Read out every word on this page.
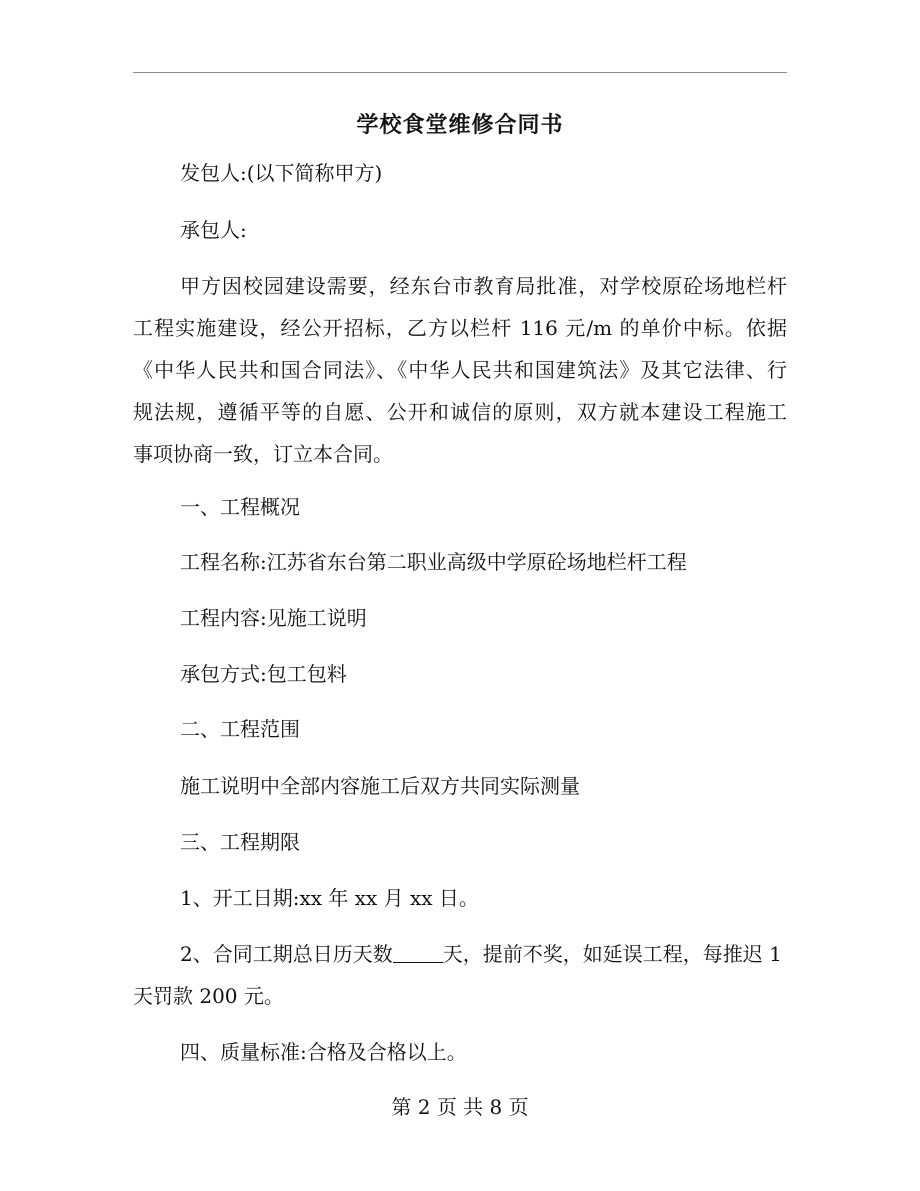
学校食堂维修合同书
发包人:(以下简称甲方)
承包人:
甲方因校园建设需要，经东台市教育局批准，对学校原砼场地栏杆
工程实施建设，经公开招标，乙方以栏杆 116 元/m 的单价中标。依据
《中华人民共和国合同法》、《中华人民共和国建筑法》及其它法律、行
规法规，遵循平等的自愿、公开和诚信的原则，双方就本建设工程施工
事项协商一致，订立本合同。
一、工程概况
工程名称:江苏省东台第二职业高级中学原砼场地栏杆工程
工程内容:见施工说明
承包方式:包工包料
二、工程范围
施工说明中全部内容施工后双方共同实际测量
三、工程期限
1、开工日期:xx 年 xx 月 xx 日。
2、合同工期总日历天数	天，提前不奖，如延误工程，每推迟 1
天罚款 200 元。
四、质量标准:合格及合格以上。
第 2 页 共 8 页
